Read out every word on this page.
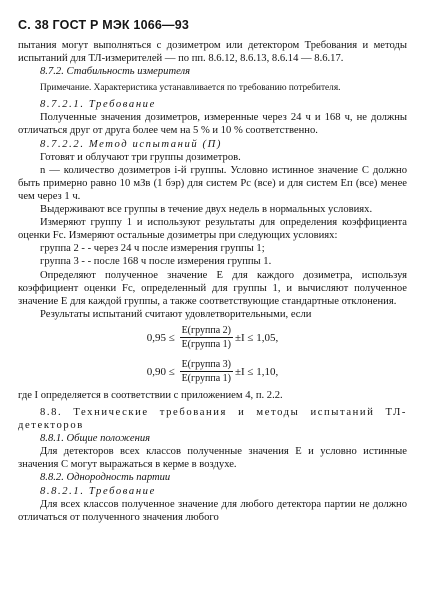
С. 38 ГОСТ Р МЭК 1066—93

пытания могут выполняться с дозиметром или детектором Требования и методы испытаний для ТЛ-измерителей — по пп. 8.6.12, 8.6.13, 8.6.14 — 8.6.17.

8.7.2. Стабильность измерителя

Примечание. Характеристика устанавливается по требованию потребителя.

8.7.2.1. Требование

Полученные значения дозиметров, измеренные через 24 ч и 168 ч, не должны отличаться друг от друга более чем на 5 % и 10 % соответственно.

8.7.2.2. Метод испытаний (П)

Готовят и облучают три группы дозиметров.

n — количество дозиметров i-й группы. Условно истинное значение C должно быть примерно равно 10 мЗв (1 бэр) для систем Pс (все) и для систем Eп (все) менее чем через 1 ч.

Выдерживают все группы в течение двух недель в нормальных условиях.

Измеряют группу 1 и используют результаты для определения коэффициента оценки Fс. Измеряют остальные дозиметры при следующих условиях:

группа 2 - - через 24 ч после измерения группы 1;

группа 3 - - после 168 ч после измерения группы 1.

Определяют полученное значение E для каждого дозиметра, используя коэффициент оценки Fс, определенный для группы 1, и вычисляют полученное значение E для каждой группы, а также соответствующие стандартные отклонения.

Результаты испытаний считают удовлетворительными, если

$0,95 \le \frac{\text{E(группа 2)}}{\text{E(группа 1)}} \pm I \le 1,05$ ,
$0,90 \le \frac{\text{E(группа 3)}}{\text{E(группа 1)}} \pm I \le 1,10$ ,

где I определяется в соответствии с приложением 4, п. 2.2.

8.8. Технические требования и методы испытаний ТЛ-детекторов

8.8.1. Общие положения

Для детекторов всех классов полученные значения E и условно истинные значения C могут выражаться в керме в воздухе.

8.8.2. Однородность партии

8.8.2.1. Требование

Для всех классов полученное значение для любого детектора партии не должно отличаться от полученного значения любого
